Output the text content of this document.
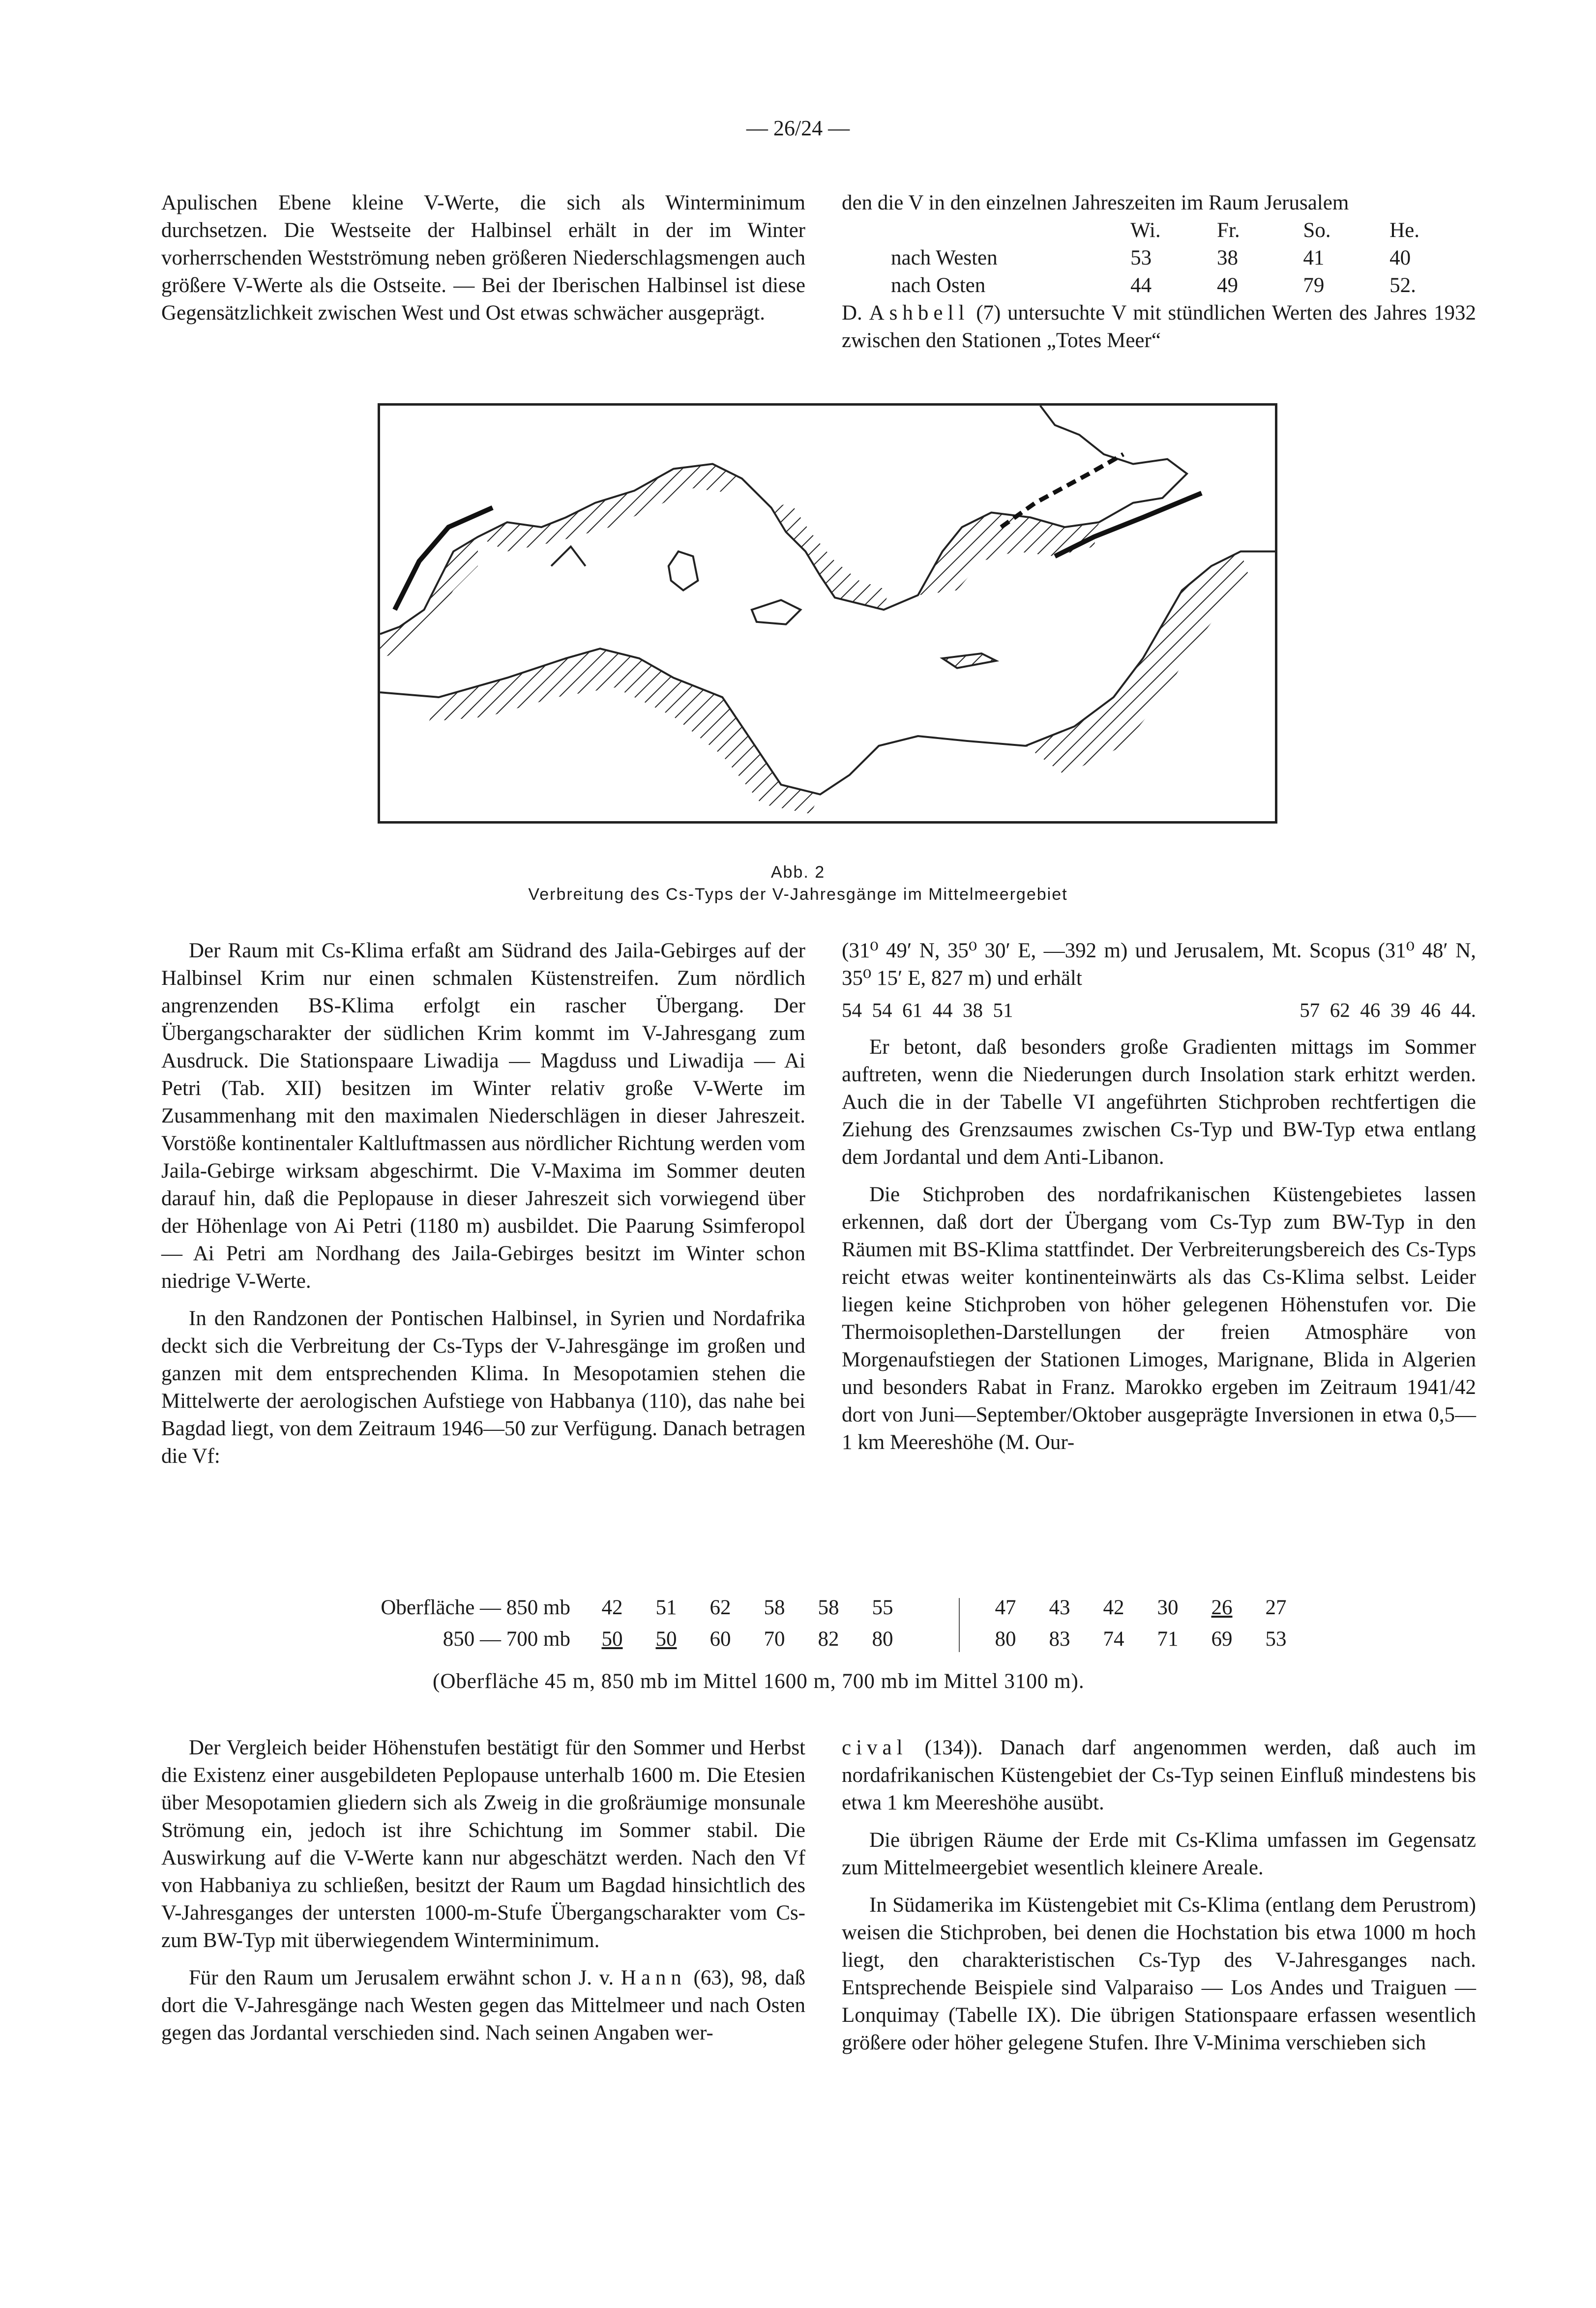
— 26/24 —

Apulischen Ebene kleine V-Werte, die sich als Winterminimum durchsetzen. Die Westseite der Halbinsel erhält in der im Winter vorherrschenden Westströmung neben größeren Niederschlagsmengen auch größere V-Werte als die Ostseite. — Bei der Iberischen Halbinsel ist diese Gegensätzlichkeit zwischen West und Ost etwas schwächer ausgeprägt.

den die V in den einzelnen Jahreszeiten im Raum Jerusalem

	Wi.	Fr.	So.	He.
nach Westen	53	38	41	40
nach Osten	44	49	79	52.

D. Ashbell (7) untersuchte V mit stündlichen Werten des Jahres 1932 zwischen den Stationen „Totes Meer“

Abb. 2
Verbreitung des Cs-Typs der V-Jahresgänge im Mittelmeergebiet

Der Raum mit Cs-Klima erfaßt am Südrand des Jaila-Gebirges auf der Halbinsel Krim nur einen schmalen Küstenstreifen. Zum nördlich angrenzenden BS-Klima erfolgt ein rascher Übergang. Der Übergangscharakter der südlichen Krim kommt im V-Jahresgang zum Ausdruck. Die Stationspaare Liwadija — Magduss und Liwadija — Ai Petri (Tab. XII) besitzen im Winter relativ große V-Werte im Zusammenhang mit den maximalen Niederschlägen in dieser Jahreszeit. Vorstöße kontinentaler Kaltluftmassen aus nördlicher Richtung werden vom Jaila-Gebirge wirksam abgeschirmt. Die V-Maxima im Sommer deuten darauf hin, daß die Peplopause in dieser Jahreszeit sich vorwiegend über der Höhenlage von Ai Petri (1180 m) ausbildet. Die Paarung Ssimferopol — Ai Petri am Nordhang des Jaila-Gebirges besitzt im Winter schon niedrige V-Werte.

In den Randzonen der Pontischen Halbinsel, in Syrien und Nordafrika deckt sich die Verbreitung der Cs-Typs der V-Jahresgänge im großen und ganzen mit dem entsprechenden Klima. In Mesopotamien stehen die Mittelwerte der aerologischen Aufstiege von Habbanya (110), das nahe bei Bagdad liegt, von dem Zeitraum 1946—50 zur Verfügung. Danach betragen die Vf:

(31⁰ 49′ N, 35⁰ 30′ E, —392 m) und Jerusalem, Mt. Scopus (31⁰ 48′ N, 35⁰ 15′ E, 827 m) und erhält

54  54  61  44  38  51	57  62  46  39  46  44.

Er betont, daß besonders große Gradienten mittags im Sommer auftreten, wenn die Niederungen durch Insolation stark erhitzt werden. Auch die in der Tabelle VI angeführten Stichproben rechtfertigen die Ziehung des Grenzsaumes zwischen Cs-Typ und BW-Typ etwa entlang dem Jordantal und dem Anti-Libanon.

Die Stichproben des nordafrikanischen Küstengebietes lassen erkennen, daß dort der Übergang vom Cs-Typ zum BW-Typ in den Räumen mit BS-Klima stattfindet. Der Verbreiterungsbereich des Cs-Typs reicht etwas weiter kontinenteinwärts als das Cs-Klima selbst. Leider liegen keine Stichproben von höher gelegenen Höhenstufen vor. Die Thermoisoplethen-Darstellungen der freien Atmosphäre von Morgenaufstiegen der Stationen Limoges, Marignane, Blida in Algerien und besonders Rabat in Franz. Marokko ergeben im Zeitraum 1941/42 dort von Juni—September/Oktober ausgeprägte Inversionen in etwa 0,5—1 km Meereshöhe (M. Our-

Oberfläche — 850 mb	42	51	62	58	58	55	47	43	42	30	26	27
850 — 700 mb	50	50	60	70	82	80	80	83	74	71	69	53
(Oberfläche 45 m, 850 mb im Mittel 1600 m, 700 mb im Mittel 3100 m).

Der Vergleich beider Höhenstufen bestätigt für den Sommer und Herbst die Existenz einer ausgebildeten Peplopause unterhalb 1600 m. Die Etesien über Mesopotamien gliedern sich als Zweig in die großräumige monsunale Strömung ein, jedoch ist ihre Schichtung im Sommer stabil. Die Auswirkung auf die V-Werte kann nur abgeschätzt werden. Nach den Vf von Habbaniya zu schließen, besitzt der Raum um Bagdad hinsichtlich des V-Jahresganges der untersten 1000-m-Stufe Übergangscharakter vom Cs- zum BW-Typ mit überwiegendem Winterminimum.

Für den Raum um Jerusalem erwähnt schon J. v. Hann (63), 98, daß dort die V-Jahresgänge nach Westen gegen das Mittelmeer und nach Osten gegen das Jordantal verschieden sind. Nach seinen Angaben wer-

cival (134)). Danach darf angenommen werden, daß auch im nordafrikanischen Küstengebiet der Cs-Typ seinen Einfluß mindestens bis etwa 1 km Meereshöhe ausübt.

Die übrigen Räume der Erde mit Cs-Klima umfassen im Gegensatz zum Mittelmeergebiet wesentlich kleinere Areale.

In Südamerika im Küstengebiet mit Cs-Klima (entlang dem Perustrom) weisen die Stichproben, bei denen die Hochstation bis etwa 1000 m hoch liegt, den charakteristischen Cs-Typ des V-Jahresganges nach. Entsprechende Beispiele sind Valparaiso — Los Andes und Traiguen — Lonquimay (Tabelle IX). Die übrigen Stationspaare erfassen wesentlich größere oder höher gelegene Stufen. Ihre V-Minima verschieben sich
